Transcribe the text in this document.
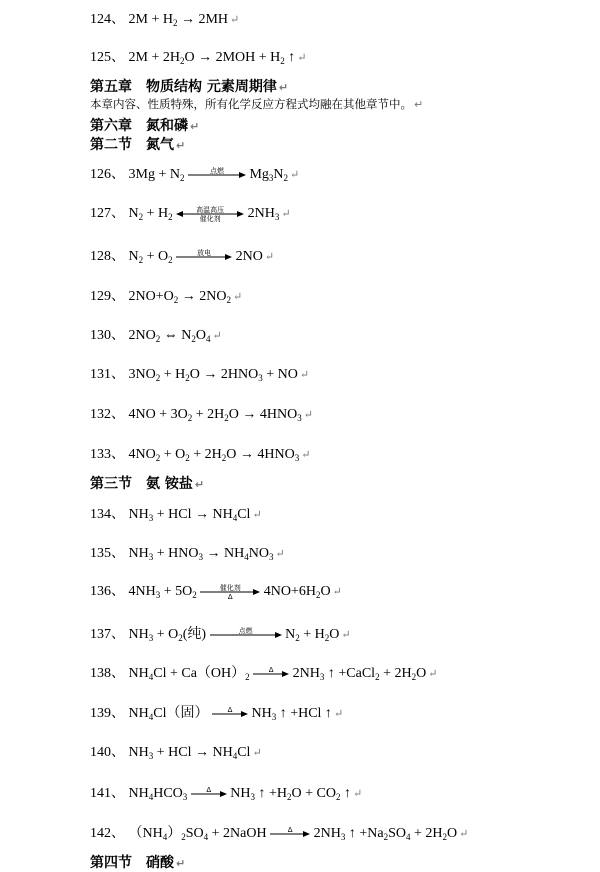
124、 $2M + H_2 \to 2MH$ ↵
125、 $2M + 2H_2O \to 2MOH + H_2$ ↑ ↵
第五章　物质结构 元素周期律 ↵
本章内容、性质特殊，所有化学反应方程式均融在其他章节中。 ↵
第六章　氮和磷 ↵
第二节　氮气 ↵
126、 $3Mg + N_2$
点燃	$Mg_3N_2$ ↵
127、 $N_2 + H_2$
高温高压
催化剂	$2NH_3$ ↵
128、 $N_2 + O_2$
放电	2NO ↵
129、 $2NO+O_2 \to 2NO_2$ ↵
130、 $2NO_2$ ⇔ $N_2O_4$ ↵
131、 $3NO_2 + H_2O \to 2HNO_3$ + NO ↵
132、 $4NO + 3O_2 + 2H_2O \to 4HNO_3$ ↵
133、 $4NO_2 + O_2 + 2H_2O \to 4HNO_3$ ↵
第三节　氨 铵盐 ↵
134、 $NH_3$ + HCl → $NH_4Cl$ ↵
135、 $NH_3 + HNO_3 \to NH_4NO_3$ ↵
136、 $4NH_3 + 5O_2$
催化剂
Δ	$4NO+6H_2O$ ↵
137、 $NH_3 + O_2$(纯)	点燃	$N_2 + H_2O$ ↵
138、 $NH_4Cl + Ca(OH)_2$
Δ	$2NH_3$ ↑ +CaCl$_2$ + $2H_2O$ ↵
139、 $NH_4Cl$（固）	Δ	$NH_3$ ↑ +HCl ↑ ↵
140、 $NH_3$ + HCl → $NH_4Cl$ ↵
141、 $NH_4HCO_3$
Δ	$NH_3$ ↑ $+H_2O + CO_2$ ↑ ↵
142、 $(NH_4)_2SO_4$ + 2NaOH	Δ	$2NH_3$ ↑ $+Na_2SO_4 + 2H_2O$ ↵
第四节　硝酸 ↵
